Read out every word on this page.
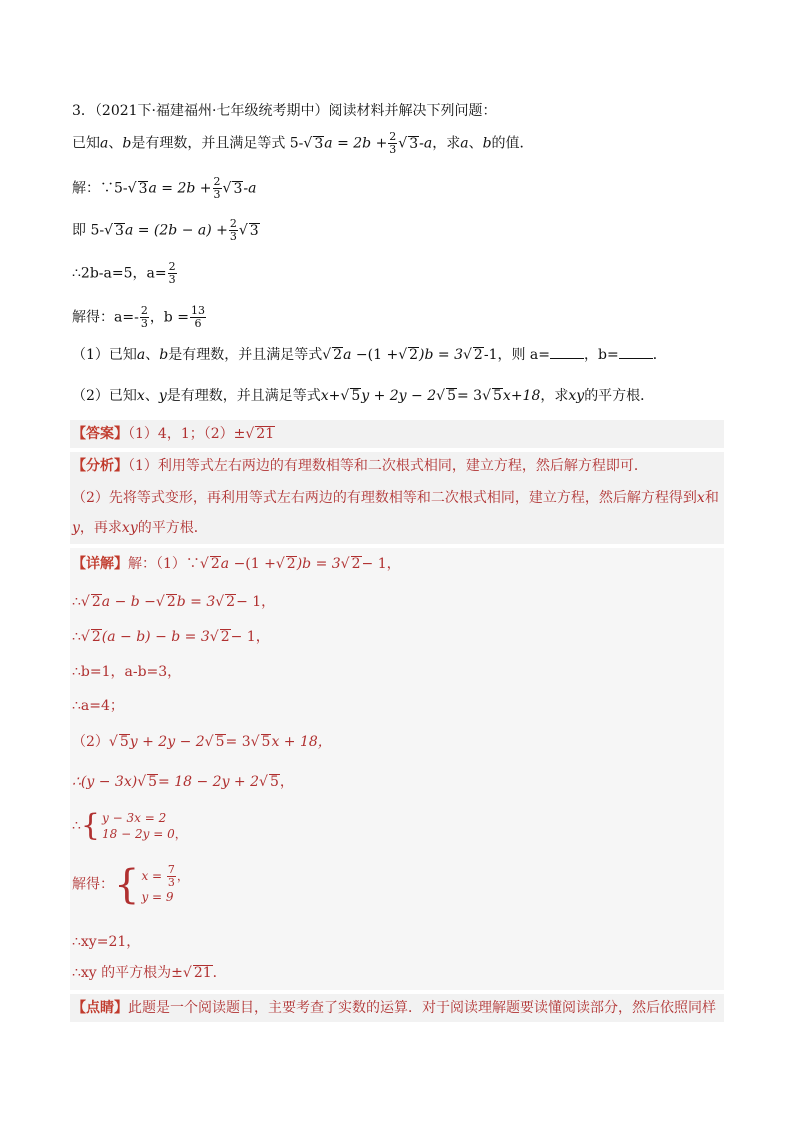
3．（2021下·福建福州·七年级统考期中）阅读材料并解决下列问题：
已知a、b是有理数，并且满足等式 5-√ $3a = 2b + \frac{2}{3}$ √ 3-a，求a、b的值．
解：∵5-√ $3a = 2b + \frac{2}{3}$ √ 3-a
即 5-√ $3a = (2b - a) + \frac{2}{3}$ √ 3
∴2b-a=5，$a= \frac{2}{3}$
解得：$a=- \frac{2}{3}$ ，$b = \frac{13}{6}$
（1）已知a、b是有理数，并且满足等式√ 2a −(1 +√ 2)b = 3√ 2-1，则 a= ，b= ．
（2）已知x、y是有理数，并且满足等式x+√ 5y + 2y − 2√ 5= 3√ 5x+18，求xy的平方根．
【答案】（1）4，1；（2）±√ 21
【分析】（1）利用等式左右两边的有理数相等和二次根式相同，建立方程，然后解方程即可．
（2）先将等式变形，再利用等式左右两边的有理数相等和二次根式相同，建立方程，然后解方程得到x和
y，再求xy的平方根．
【详解】解：（1）∵√ 2a −(1 +√ 2)b = 3√ 2− 1，
∴√ 2a − b −√ 2b = 3√ 2− 1，
∴√ 2(a − b) − b = 3√ 2− 1，
∴b=1，a-b=3，
∴a=4；
（2）√ 5y + 2y − 2√ 5= 3√ 5x + 18，
∴(y − 3x)√ 5= 18 − 2y + 2√ 5，
∴{ y − 3x = 2
18 − 2y = 0，
解得：{ $x = \frac{7}{3}$ ，
y = 9
∴xy=21，
∴xy 的平方根为±√ 21．
【点睛】此题是一个阅读题目，主要考查了实数的运算．对于阅读理解题要读懂阅读部分，然后依照同样
